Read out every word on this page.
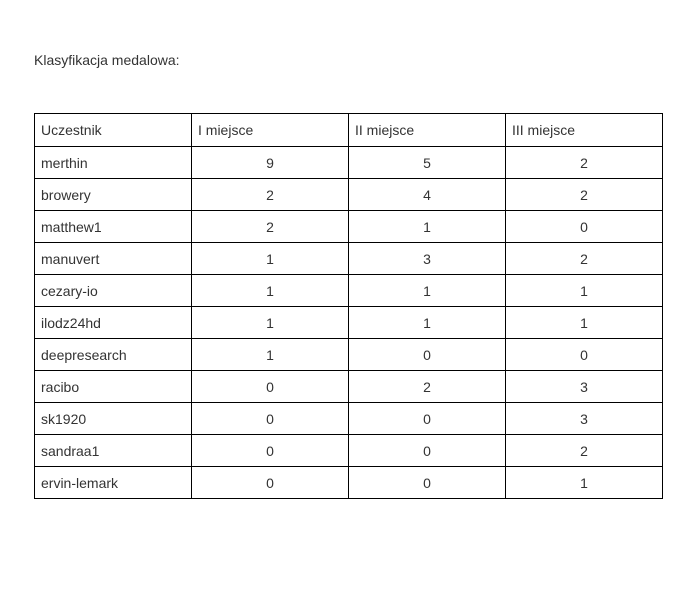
Klasyfikacja medalowa:
Uczestnik	I miejsce	II miejsce	III miejsce
merthin	9	5	2
browery	2	4	2
matthew1	2	1	0
manuvert	1	3	2
cezary-io	1	1	1
ilodz24hd	1	1	1
deepresearch	1	0	0
racibo	0	2	3
sk1920	0	0	3
sandraa1	0	0	2
ervin-lemark	0	0	1
